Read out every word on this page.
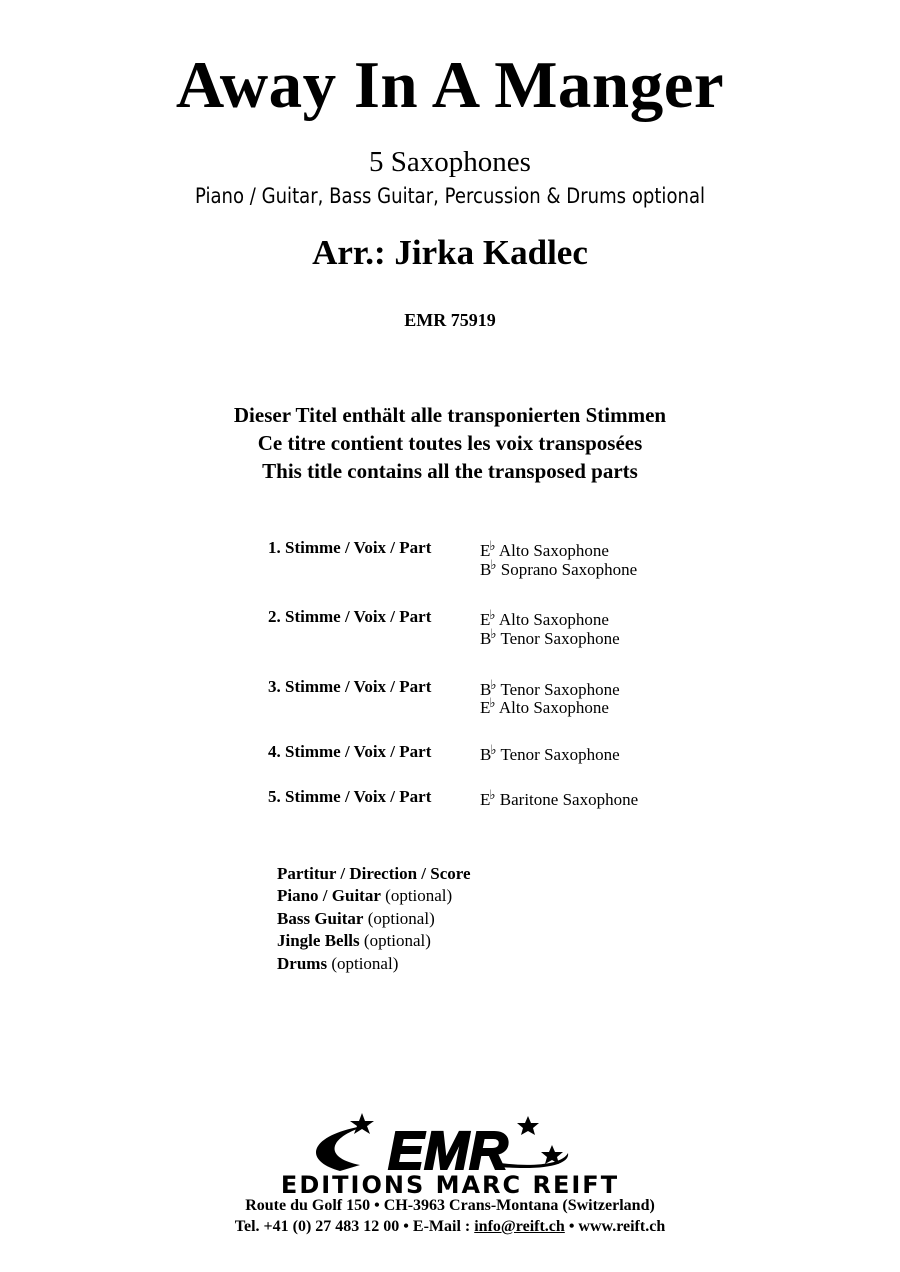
Away In A Manger
5 Saxophones
Piano / Guitar, Bass Guitar, Percussion & Drums optional
Arr.: Jirka Kadlec
EMR 75919
Dieser Titel enthält alle transponierten Stimmen
Ce titre contient toutes les voix transposées
This title contains all the transposed parts
1. Stimme / Voix / Part	E♭ Alto Saxophone
B♭ Soprano Saxophone
2. Stimme / Voix / Part	E♭ Alto Saxophone
B♭ Tenor Saxophone
3. Stimme / Voix / Part	B♭ Tenor Saxophone
E♭ Alto Saxophone
4. Stimme / Voix / Part	B♭ Tenor Saxophone
5. Stimme / Voix / Part	E♭ Baritone Saxophone
Partitur / Direction / Score
Piano / Guitar (optional)
Bass Guitar (optional)
Jingle Bells (optional)
Drums (optional)
EMR
EDITIONS MARC REIFT
Route du Golf 150 • CH-3963 Crans-Montana (Switzerland)
Tel. +41 (0) 27 483 12 00 • E-Mail : info@reift.ch • www.reift.ch
